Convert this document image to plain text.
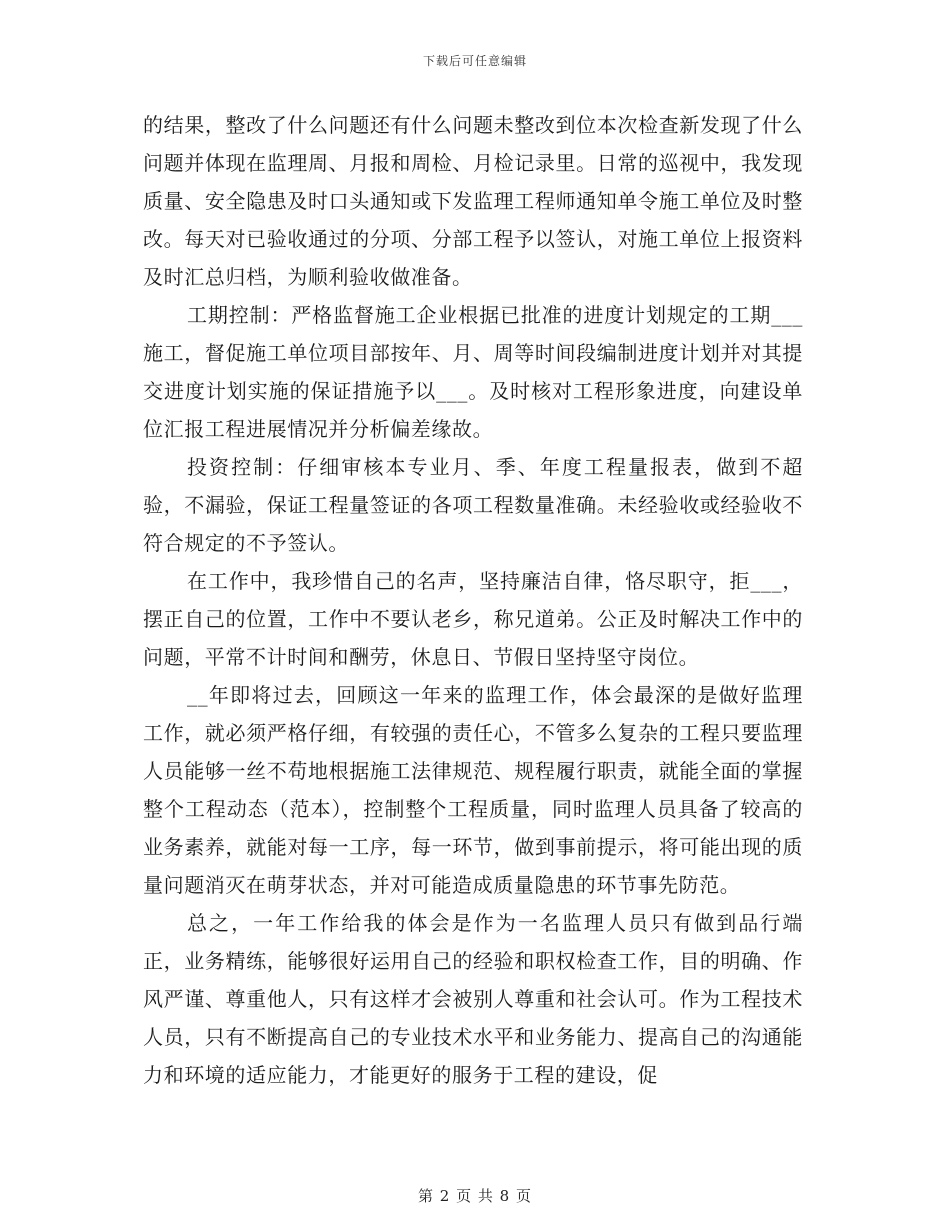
下载后可任意编辑

的结果，整改了什么问题还有什么问题未整改到位本次检查新发现了什么问题并体现在监理周、月报和周检、月检记录里。日常的巡视中，我发现质量、安全隐患及时口头通知或下发监理工程师通知单令施工单位及时整改。每天对已验收通过的分项、分部工程予以签认，对施工单位上报资料及时汇总归档，为顺利验收做准备。

工期控制：严格监督施工企业根据已批准的进度计划规定的工期___施工，督促施工单位项目部按年、月、周等时间段编制进度计划并对其提交进度计划实施的保证措施予以___。及时核对工程形象进度，向建设单位汇报工程进展情况并分析偏差缘故。

投资控制：仔细审核本专业月、季、年度工程量报表，做到不超验，不漏验，保证工程量签证的各项工程数量准确。未经验收或经验收不符合规定的不予签认。

在工作中，我珍惜自己的名声，坚持廉洁自律，恪尽职守，拒___，摆正自己的位置，工作中不要认老乡，称兄道弟。公正及时解决工作中的问题，平常不计时间和酬劳，休息日、节假日坚持坚守岗位。

__年即将过去，回顾这一年来的监理工作，体会最深的是做好监理工作，就必须严格仔细，有较强的责任心，不管多么复杂的工程只要监理人员能够一丝不苟地根据施工法律规范、规程履行职责，就能全面的掌握整个工程动态（范本），控制整个工程质量，同时监理人员具备了较高的业务素养，就能对每一工序，每一环节，做到事前提示，将可能出现的质量问题消灭在萌芽状态，并对可能造成质量隐患的环节事先防范。

总之，一年工作给我的体会是作为一名监理人员只有做到品行端正，业务精练，能够很好运用自己的经验和职权检查工作，目的明确、作风严谨、尊重他人，只有这样才会被别人尊重和社会认可。作为工程技术人员，只有不断提高自己的专业技术水平和业务能力、提高自己的沟通能力和环境的适应能力，才能更好的服务于工程的建设，促

第 2 页 共 8 页
